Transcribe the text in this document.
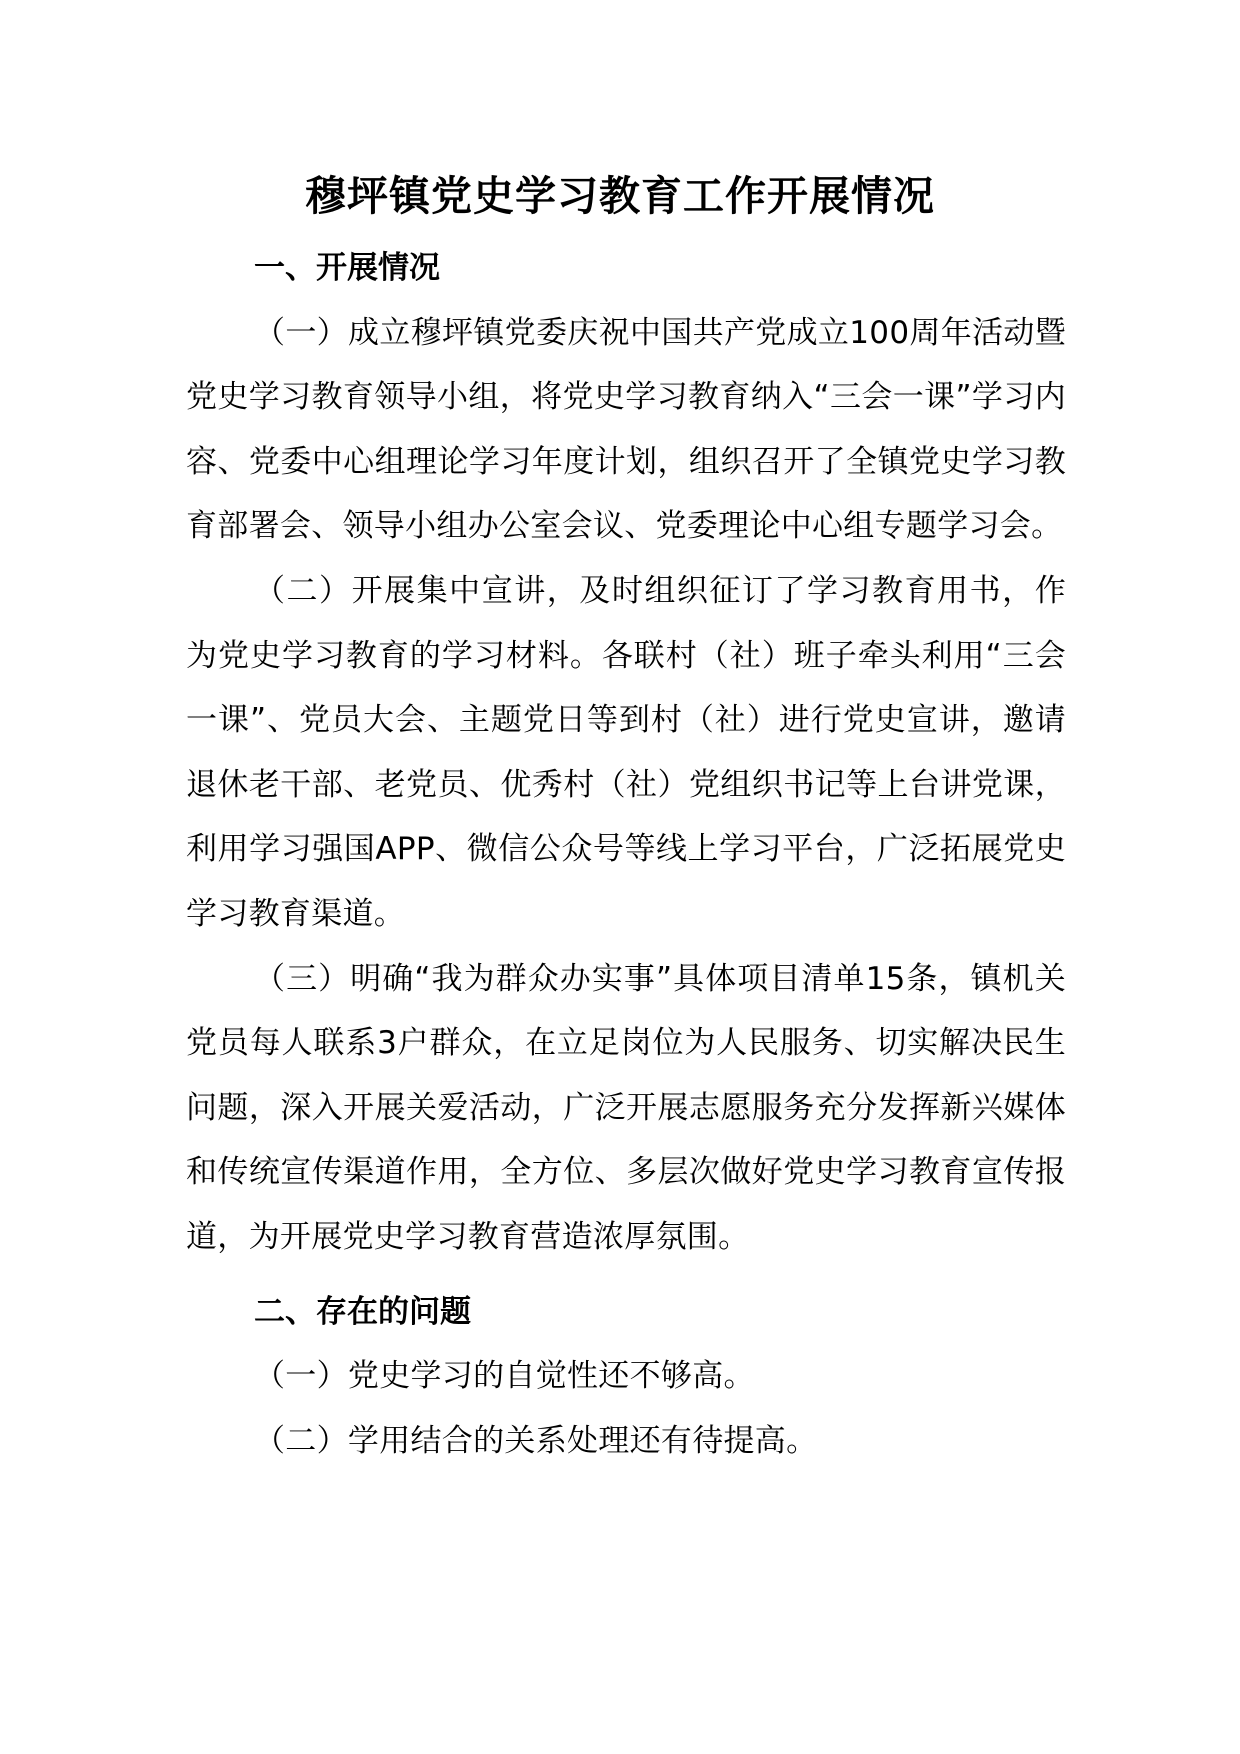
穆坪镇党史学习教育工作开展情况

一、开展情况

（一）成立穆坪镇党委庆祝中国共产党成立100周年活动暨党史学习教育领导小组，将党史学习教育纳入“三会一课”学习内容、党委中心组理论学习年度计划，组织召开了全镇党史学习教育部署会、领导小组办公室会议、党委理论中心组专题学习会。

（二）开展集中宣讲，及时组织征订了学习教育用书，作为党史学习教育的学习材料。各联村（社）班子牵头利用“三会一课”、党员大会、主题党日等到村（社）进行党史宣讲，邀请退休老干部、老党员、优秀村（社）党组织书记等上台讲党课，利用学习强国APP、微信公众号等线上学习平台，广泛拓展党史学习教育渠道。

（三）明确“我为群众办实事”具体项目清单15条，镇机关党员每人联系3户群众，在立足岗位为人民服务、切实解决民生问题，深入开展关爱活动，广泛开展志愿服务充分发挥新兴媒体和传统宣传渠道作用，全方位、多层次做好党史学习教育宣传报道，为开展党史学习教育营造浓厚氛围。

二、存在的问题

（一）党史学习的自觉性还不够高。

（二）学用结合的关系处理还有待提高。
